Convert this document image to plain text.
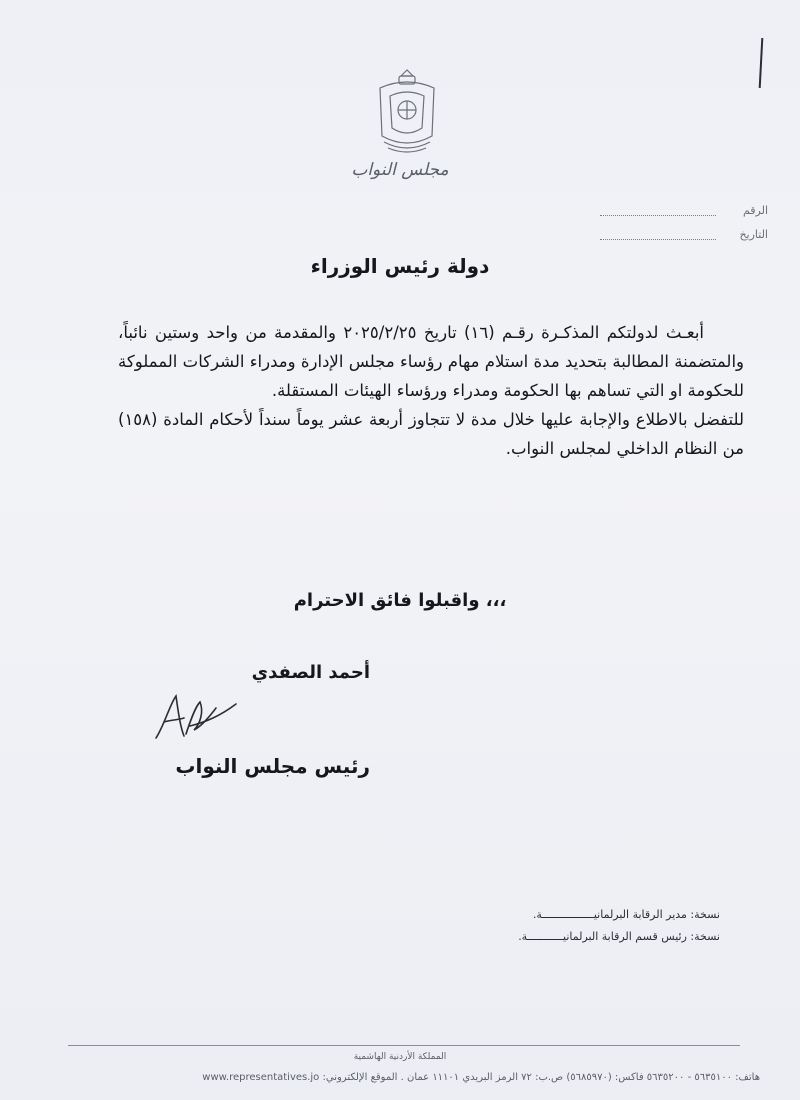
مجلس النواب
الرقم
التاريخ
دولة رئيس الوزراء

أبعـث لدولتكم المذكـرة رقـم (١٦) تاريخ ٢٠٢٥/٢/٢٥ والمقدمة من واحد وستين نائباً، والمتضمنة المطالبة بتحديد مدة استلام مهام رؤساء مجلس الإدارة ومدراء الشركات المملوكة للحكومة او التي تساهم بها الحكومة ومدراء ورؤساء الهيئات المستقلة.

للتفضل بالاطلاع والإجابة عليها خلال مدة لا تتجاوز أربعة عشر يوماً سنداً لأحكام المادة (١٥٨) من النظام الداخلي لمجلس النواب.

واقبلوا فائق الاحترام ،،،
أحمد الصفدي
رئيس مجلس النواب
نسخة: مدير الرقابة البرلمانيــــــــــــــــة.
نسخة: رئيس قسم الرقابة البرلمانيـــــــــــة.
المملكة الأردنية الهاشمية
هاتف: ٥٦٣٥١٠٠ - ٥٦٣٥٢٠٠ فاكس: (٥٦٨٥٩٧٠) ص.ب: ٧٢ الرمز البريدي ١١١٠١ عمان . الموقع الإلكتروني: www.representatives.jo
